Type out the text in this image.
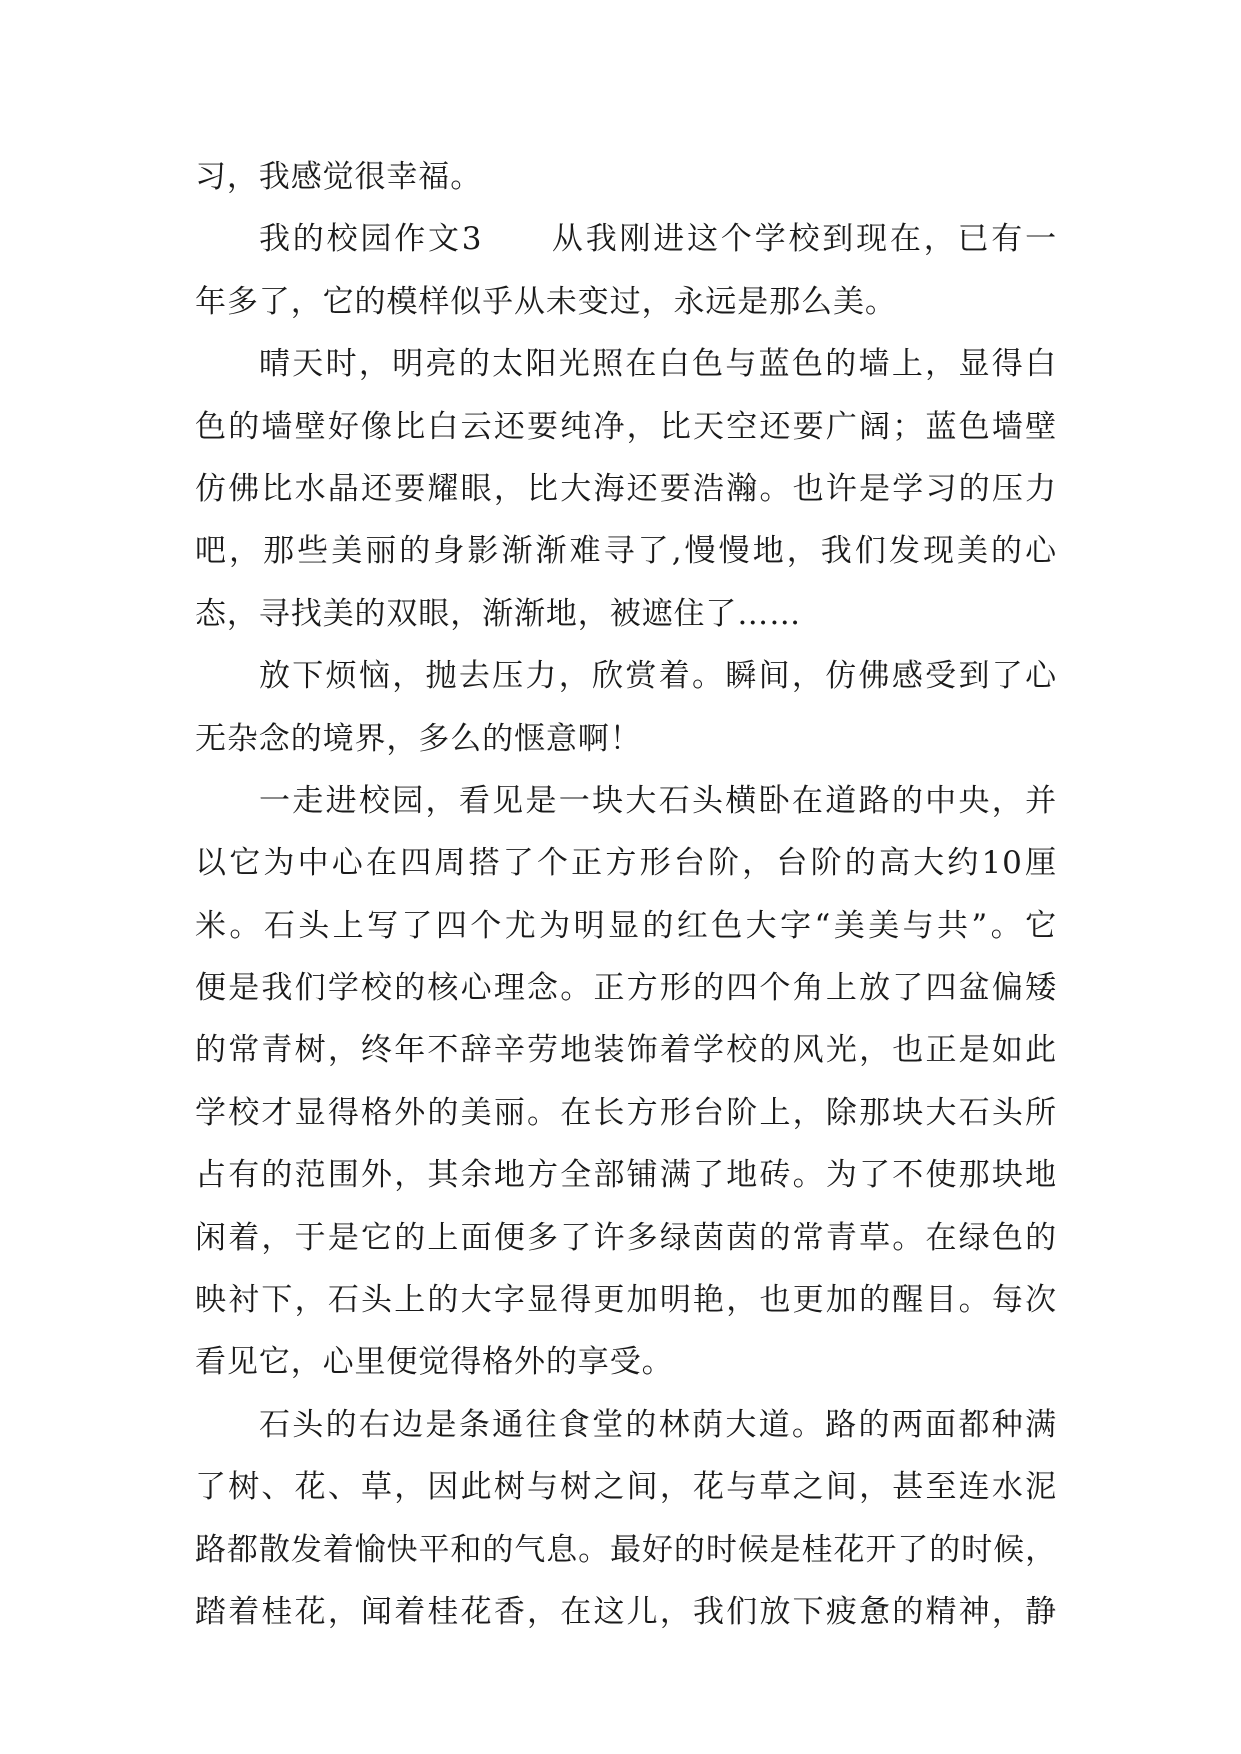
习，我感觉很幸福。
我的校园作文3　　从我刚进这个学校到现在，已有一
年多了，它的模样似乎从未变过，永远是那么美。
晴天时，明亮的太阳光照在白色与蓝色的墙上，显得白
色的墙壁好像比白云还要纯净，比天空还要广阔；蓝色墙壁
仿佛比水晶还要耀眼，比大海还要浩瀚。也许是学习的压力
吧，那些美丽的身影渐渐难寻了,慢慢地，我们发现美的心
态，寻找美的双眼，渐渐地，被遮住了……
放下烦恼，抛去压力，欣赏着。瞬间，仿佛感受到了心
无杂念的境界，多么的惬意啊！
一走进校园，看见是一块大石头横卧在道路的中央，并
以它为中心在四周搭了个正方形台阶，台阶的高大约10厘
米。石头上写了四个尤为明显的红色大字“美美与共”。它
便是我们学校的核心理念。正方形的四个角上放了四盆偏矮
的常青树，终年不辞辛劳地装饰着学校的风光，也正是如此
学校才显得格外的美丽。在长方形台阶上，除那块大石头所
占有的范围外，其余地方全部铺满了地砖。为了不使那块地
闲着，于是它的上面便多了许多绿茵茵的常青草。在绿色的
映衬下，石头上的大字显得更加明艳，也更加的醒目。每次
看见它，心里便觉得格外的享受。
石头的右边是条通往食堂的林荫大道。路的两面都种满
了树、花、草，因此树与树之间，花与草之间，甚至连水泥
路都散发着愉快平和的气息。最好的时候是桂花开了的时候，
踏着桂花，闻着桂花香，在这儿，我们放下疲惫的精神，静
